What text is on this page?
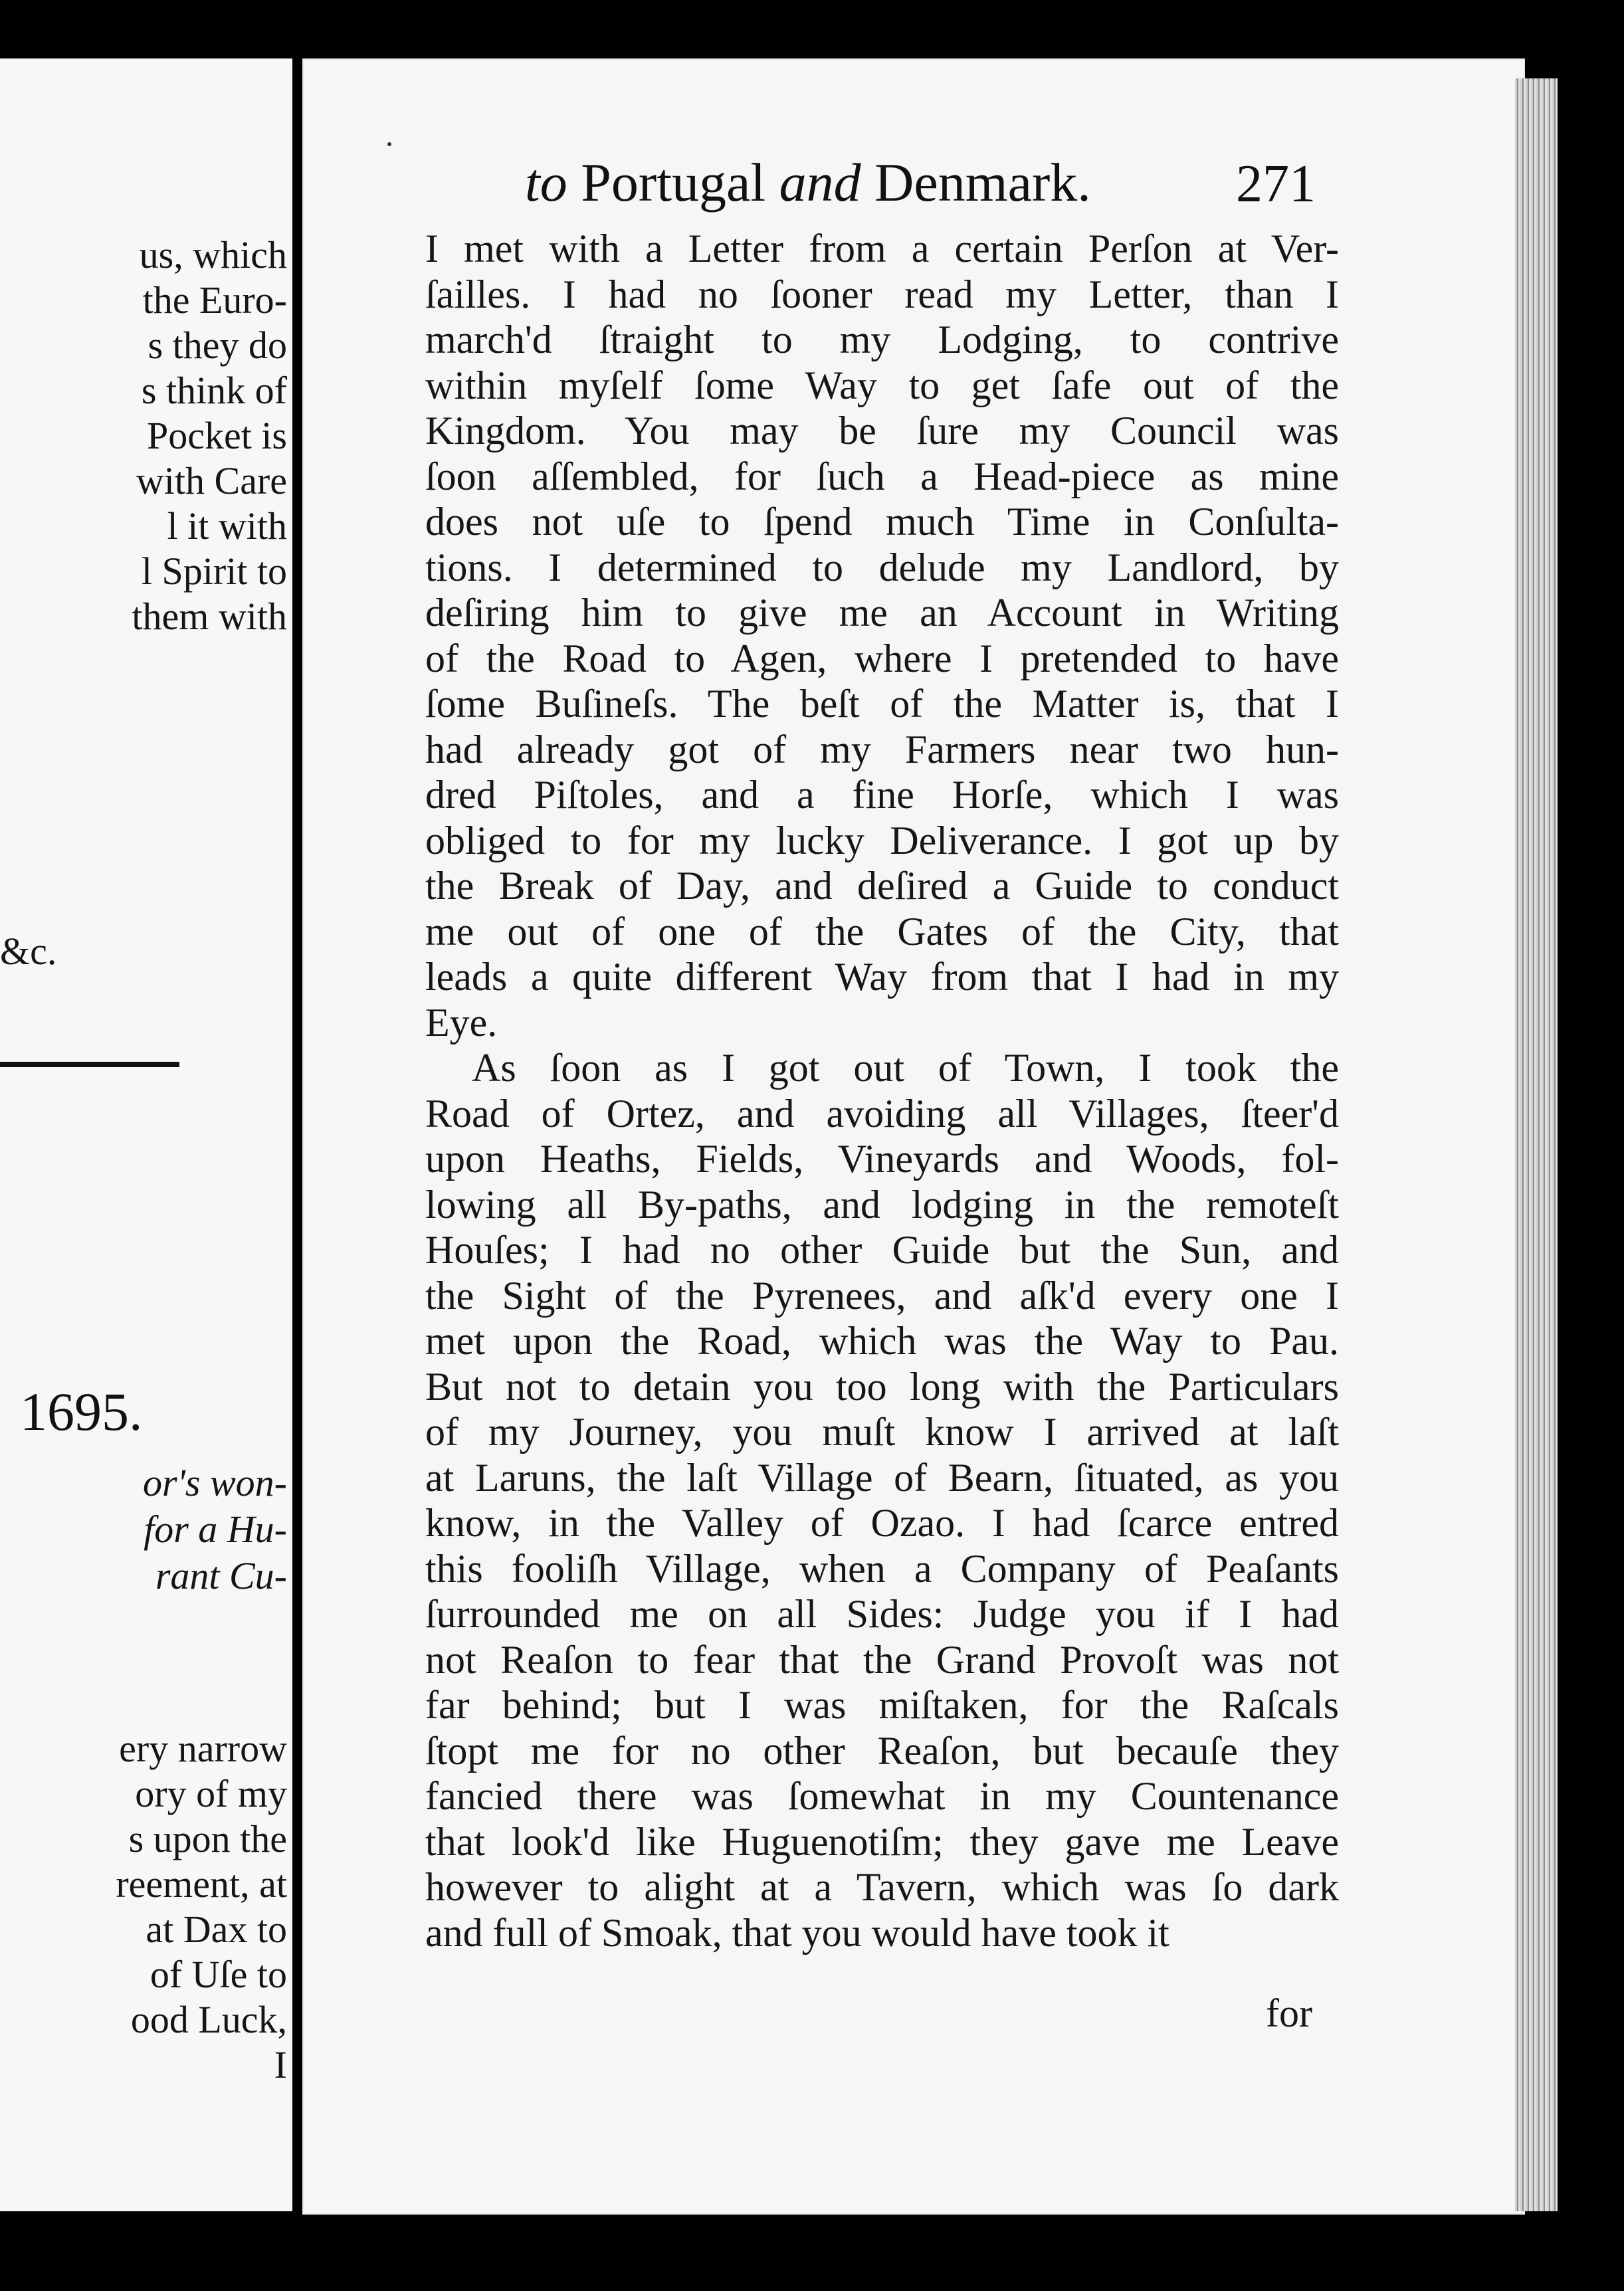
us, which
the Euro-
s they do
s think of
Pocket is
with Care
l it with
l Spirit to
them with
&c.
1695.
or's won-
for a Hu-
rant Cu-
ery narrow
ory of my
s upon the
reement, at
at Dax to
of Uſe to
ood Luck,
I
to Portugal and Denmark.	271
I met with a Letter from a certain Perſon at Ver-
ſailles. I had no ſooner read my Letter, than I
march'd ſtraight to my Lodging, to contrive
within myſelf ſome Way to get ſafe out of the
Kingdom. You may be ſure my Council was
ſoon aſſembled, for ſuch a Head-piece as mine
does not uſe to ſpend much Time in Conſulta-
tions. I determined to delude my Landlord, by
deſiring him to give me an Account in Writing
of the Road to Agen, where I pretended to have
ſome Buſineſs. The beſt of the Matter is, that I
had already got of my Farmers near two hun-
dred Piſtoles, and a fine Horſe, which I was
obliged to for my lucky Deliverance. I got up by
the Break of Day, and deſired a Guide to conduct
me out of one of the Gates of the City, that
leads a quite different Way from that I had in my
Eye.
As ſoon as I got out of Town, I took the
Road of Ortez, and avoiding all Villages, ſteer'd
upon Heaths, Fields, Vineyards and Woods, fol-
lowing all By-paths, and lodging in the remoteſt
Houſes; I had no other Guide but the Sun, and
the Sight of the Pyrenees, and aſk'd every one I
met upon the Road, which was the Way to Pau.
But not to detain you too long with the Particulars
of my Journey, you muſt know I arrived at laſt
at Laruns, the laſt Village of Bearn, ſituated, as you
know, in the Valley of Ozao. I had ſcarce entred
this fooliſh Village, when a Company of Peaſants
ſurrounded me on all Sides: Judge you if I had
not Reaſon to fear that the Grand Provoſt was not
far behind; but I was miſtaken, for the Raſcals
ſtopt me for no other Reaſon, but becauſe they
fancied there was ſomewhat in my Countenance
that look'd like Huguenotiſm; they gave me Leave
however to alight at a Tavern, which was ſo dark
and full of Smoak, that you would have took it
for
